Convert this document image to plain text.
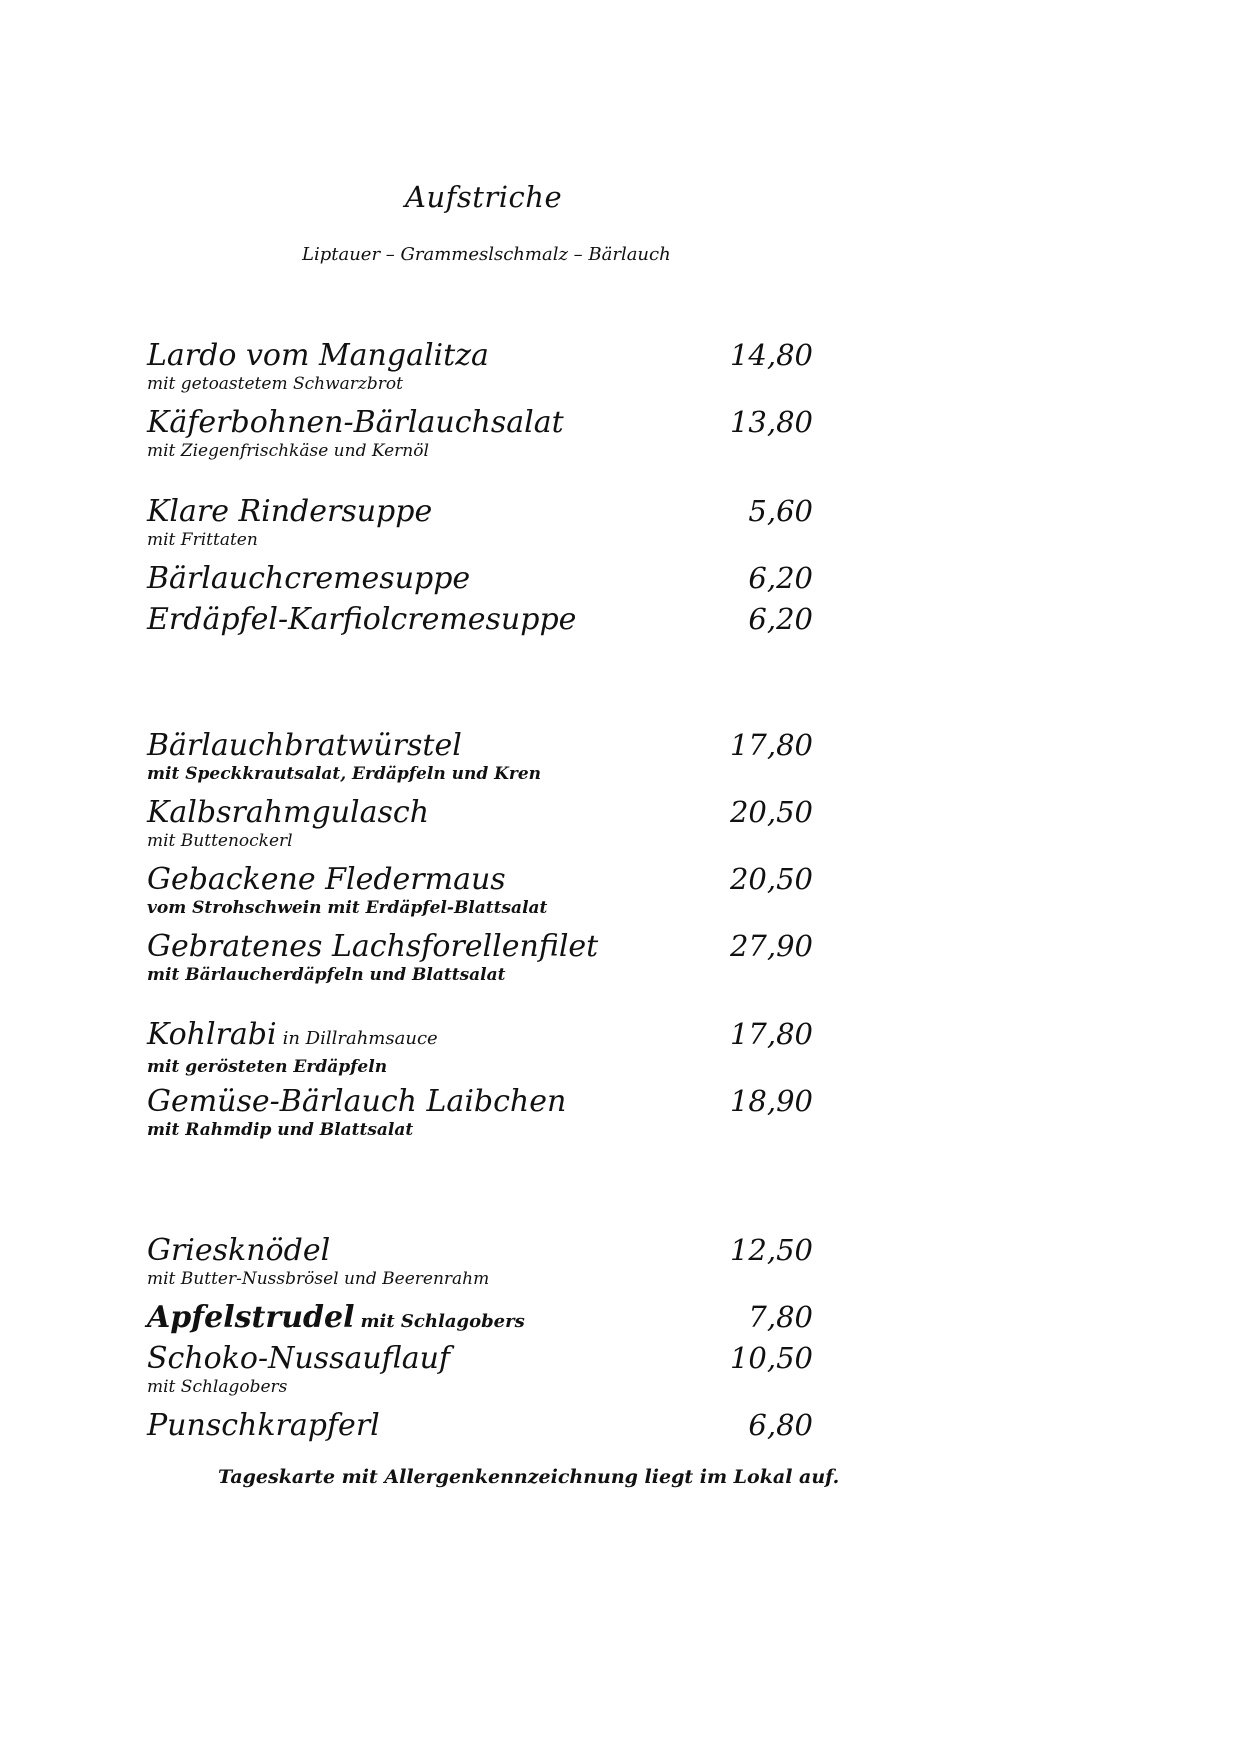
Aufstriche
Liptauer – Grammeslschmalz – Bärlauch
Lardo vom Mangalitza	14,80
mit getoastetem Schwarzbrot
Käferbohnen-Bärlauchsalat	13,80
mit Ziegenfrischkäse und Kernöl
Klare Rindersuppe	5,60
mit Frittaten
Bärlauchcremesuppe	6,20
Erdäpfel-Karfiolcremesuppe	6,20
Bärlauchbratwürstel	17,80
mit Speckkrautsalat, Erdäpfeln und Kren
Kalbsrahmgulasch	20,50
mit Buttenockerl
Gebackene Fledermaus	20,50
vom Strohschwein mit Erdäpfel-Blattsalat
Gebratenes Lachsforellenfilet	27,90
mit Bärlaucherdäpfeln und Blattsalat
Kohlrabi in Dillrahmsauce	17,80
mit gerösteten Erdäpfeln
Gemüse-Bärlauch Laibchen	18,90
mit Rahmdip und Blattsalat
Griesknödel	12,50
mit Butter-Nussbrösel und Beerenrahm
Apfelstrudel mit Schlagobers	7,80
Schoko-Nussauflauf	10,50
mit Schlagobers
Punschkrapferl	6,80
Tageskarte mit Allergenkennzeichnung liegt im Lokal auf.
